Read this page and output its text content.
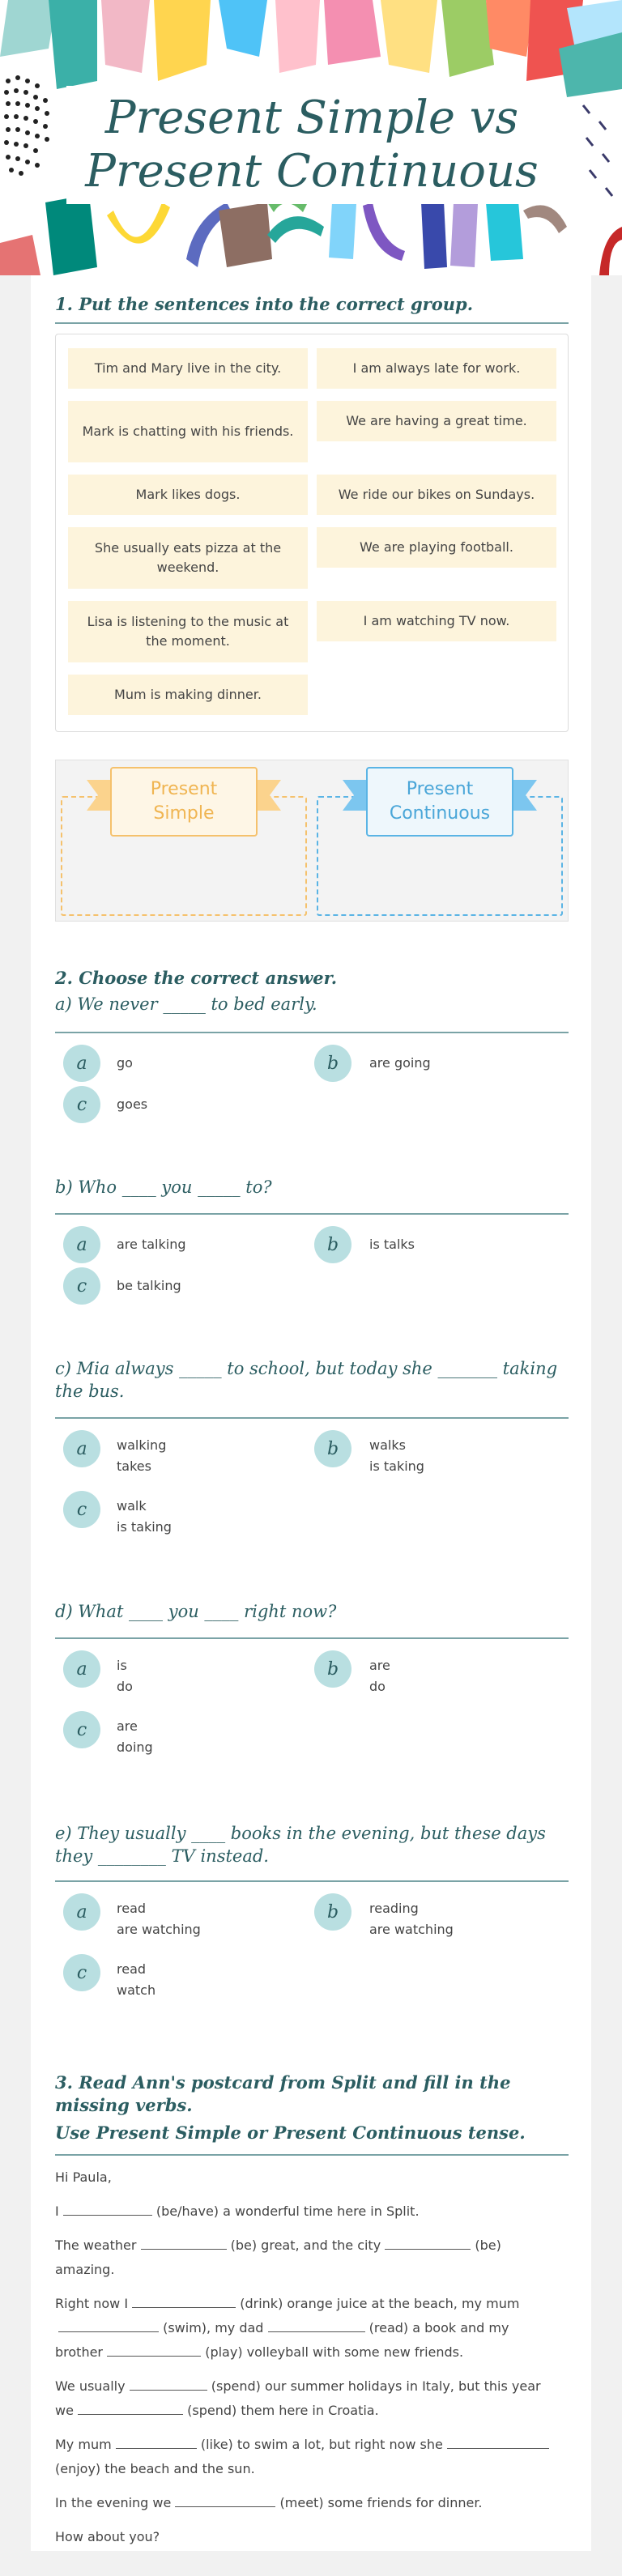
Present Simple vs
Present Continuous
1. Put the sentences into the correct group.
Tim and Mary live in the city.
Mark is chatting with his friends.
Mark likes dogs.
She usually eats pizza at the weekend.
Lisa is listening to the music at the moment.
Mum is making dinner.
I am always late for work.
We are having a great time.
We ride our bikes on Sundays.
We are playing football.
I am watching TV now.
Present
Simple
Present
Continuous
2. Choose the correct answer.
a) We never _____ to bed early.
a	go	b	are going
c	goes
b) Who ____ you _____ to?
a	are talking	b	is talks
c	be talking
c) Mia always _____ to school, but today she _______ taking the bus.
a	walking
takes
b	walks
is taking
c	walk
is taking
d) What ____ you ____ right now?
a	is
do
b	are
do
c	are
doing
e) They usually ____ books in the evening, but these days they ________ TV instead.
a	read
are watching
b	reading
are watching
c	read
watch
3. Read Ann's postcard from Split and fill in the missing verbs.
Use Present Simple or Present Continuous tense.
Hi Paula,
I	(be/have) a wonderful time here in Split.
The weather	(be) great, and the city	(be)
amazing.
Right now I	(drink) orange juice at the beach, my mum
(swim), my dad	(read) a book and my
brother	(play) volleyball with some new friends.
We usually	(spend) our summer holidays in Italy, but this year
we	(spend) them here in Croatia.
My mum	(like) to swim a lot, but right now she
(enjoy) the beach and the sun.
In the evening we	(meet) some friends for dinner.
How about you?
